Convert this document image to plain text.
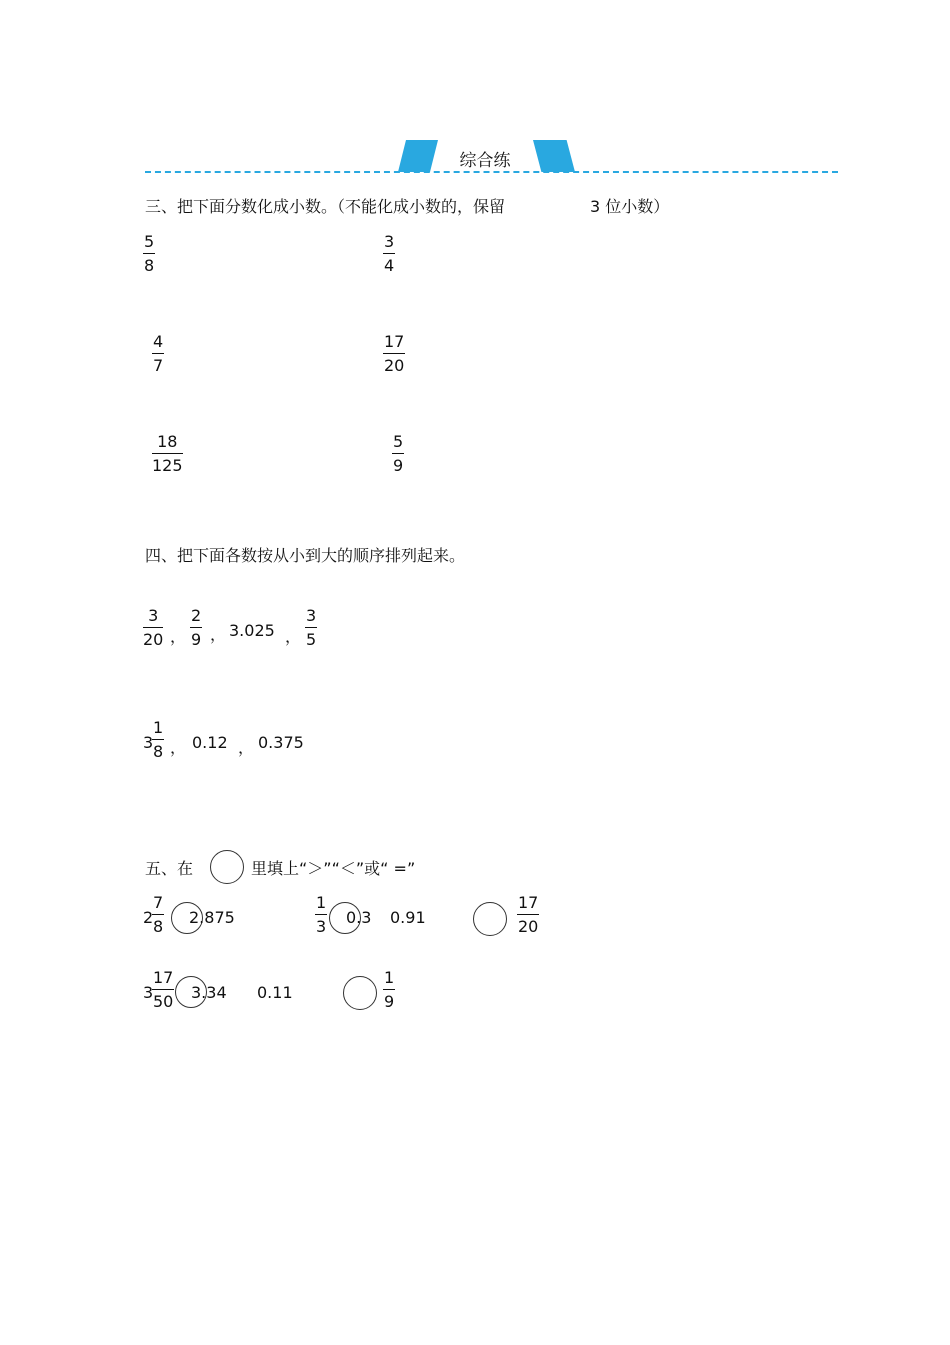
综合练
三、把下面分数化成小数。（不能化成小数的，保留	3 位小数）
$\frac{5}{8}$	$\frac{3}{4}$
$\frac{4}{7}$	$\frac{17}{20}$
$\frac{18}{125}$	$\frac{5}{9}$
四、把下面各数按从小到大的顺序排列起来。
$\frac{3}{20}$ ， $\frac{2}{9}$ ， 3.025 ， $\frac{3}{5}$
3
$\frac{1}{8}$ ， 0.12 ， 0.375
五、在	里填上“＞”“＜”或“ =”
2
$\frac{7}{8} 2.875$	$\frac{1}{3} 0.3$ 0.91	$\frac{17}{20}$
3
$\frac{17}{50} 3.34$ 0.11	$\frac{1}{9}$
